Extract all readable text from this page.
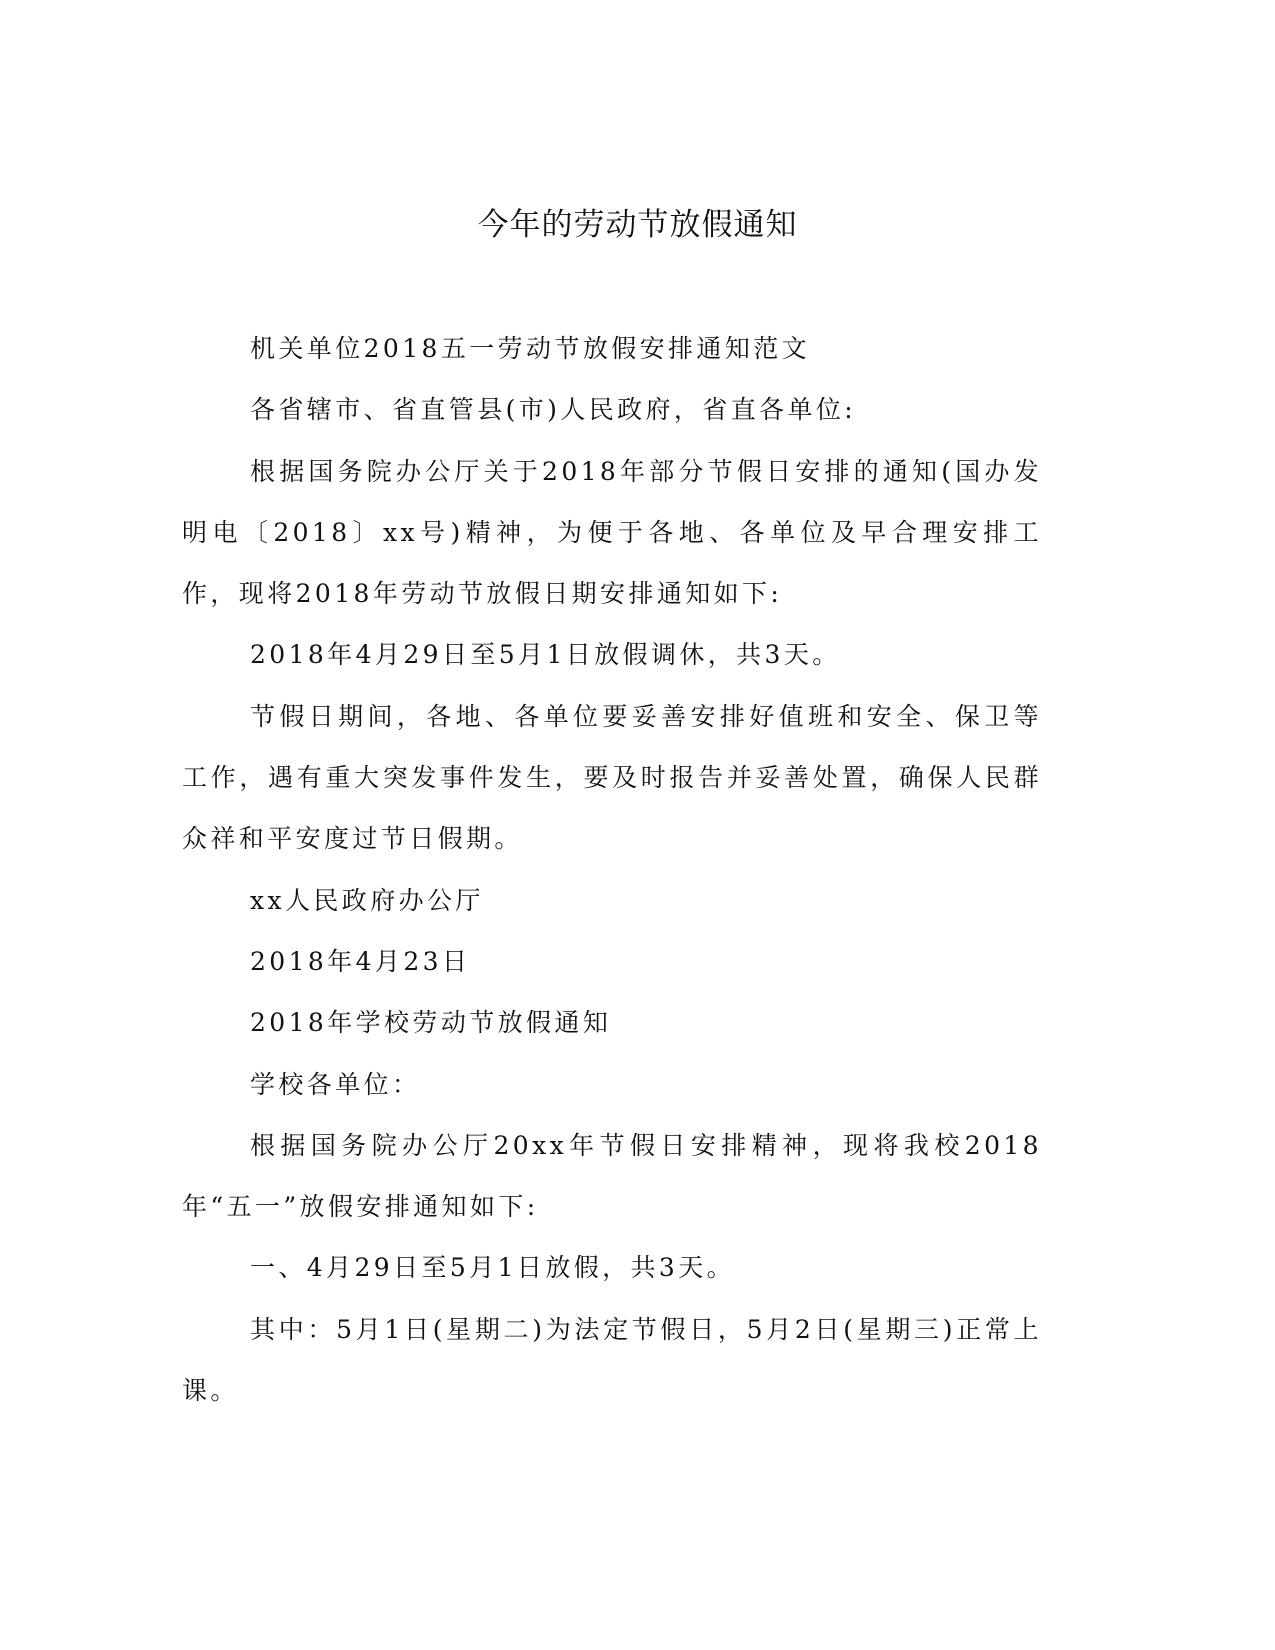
今年的劳动节放假通知

机关单位2018五一劳动节放假安排通知范文

各省辖市、省直管县(市)人民政府，省直各单位:

根据国务院办公厅关于2018年部分节假日安排的通知(国办发明电〔2018〕xx号)精神，为便于各地、各单位及早合理安排工作，现将2018年劳动节放假日期安排通知如下:

2018年4月29日至5月1日放假调休，共3天。

节假日期间，各地、各单位要妥善安排好值班和安全、保卫等工作，遇有重大突发事件发生，要及时报告并妥善处置，确保人民群众祥和平安度过节日假期。

xx人民政府办公厅

2018年4月23日

2018年学校劳动节放假通知

学校各单位：

根据国务院办公厅20xx年节假日安排精神，现将我校2018年“五一”放假安排通知如下:

一、4月29日至5月1日放假，共3天。

其中：5月1日(星期二)为法定节假日，5月2日(星期三)正常上课。
